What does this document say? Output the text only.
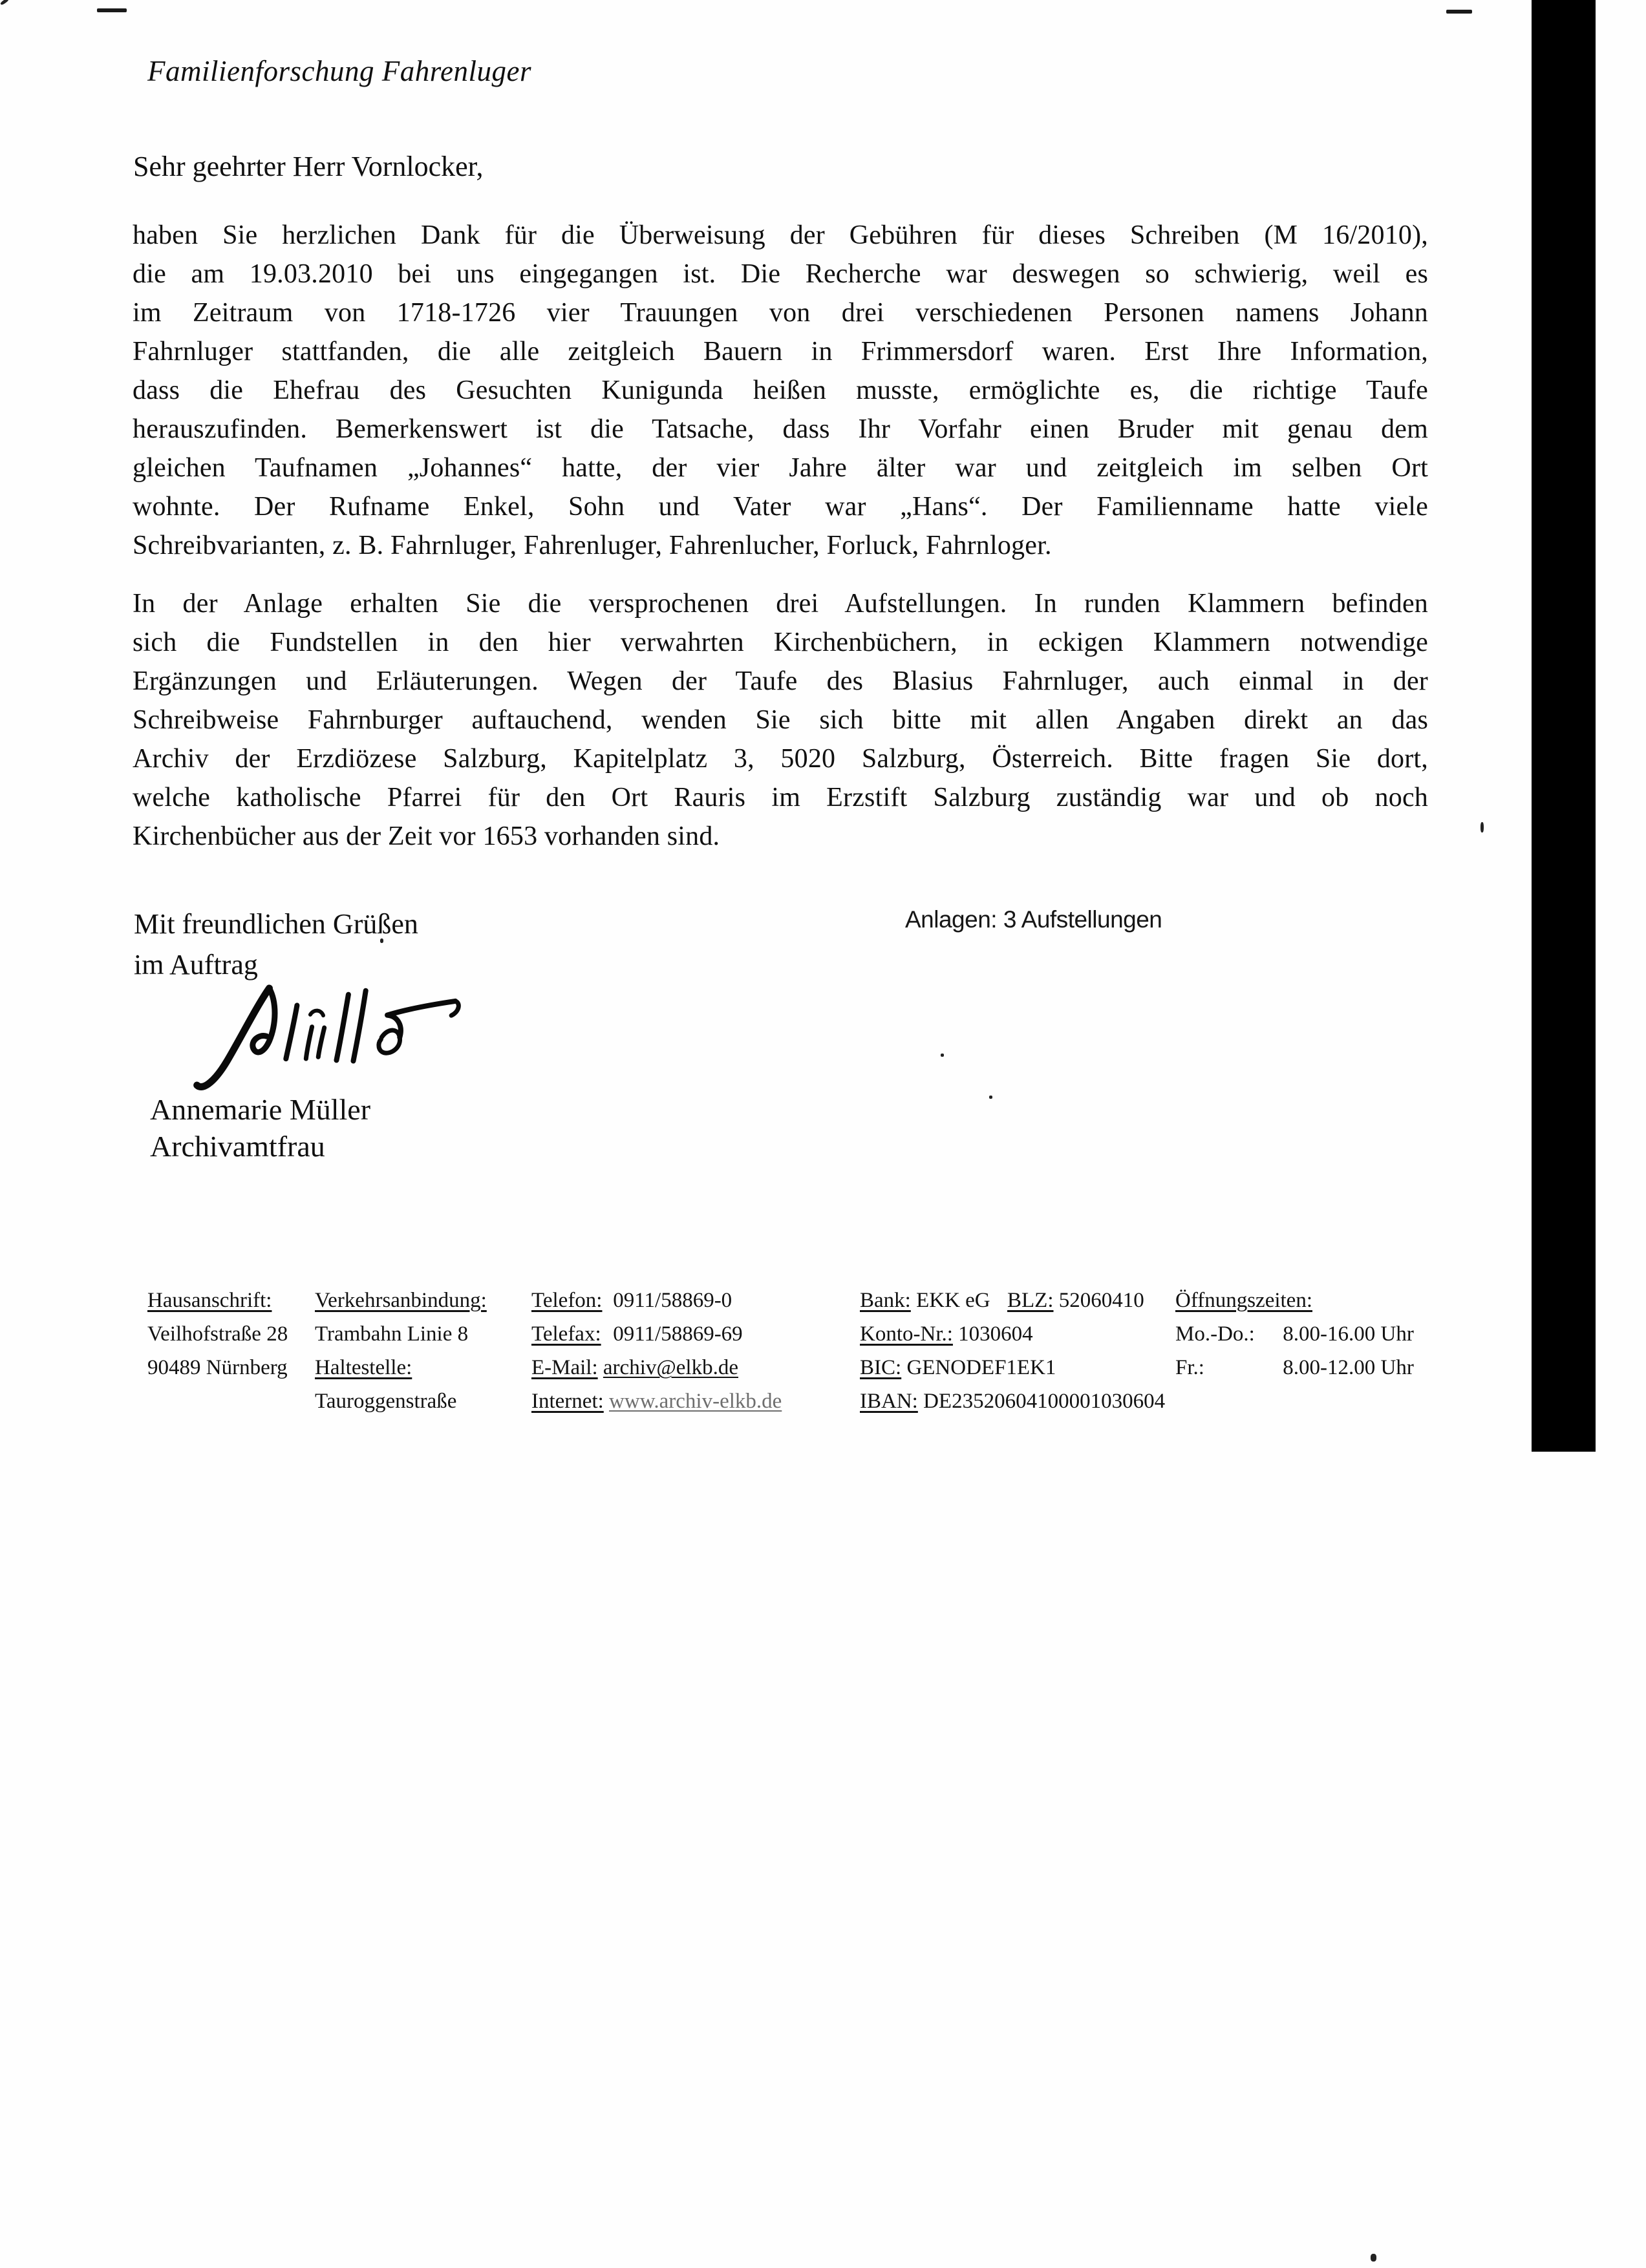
Familienforschung Fahrenluger
Sehr geehrter Herr Vornlocker,
haben Sie herzlichen Dank für die Überweisung der Gebühren für dieses Schreiben (M 16/2010),
die am 19.03.2010 bei uns eingegangen ist. Die Recherche war deswegen so schwierig, weil es
im Zeitraum von 1718-1726 vier Trauungen von drei verschiedenen Personen namens Johann
Fahrnluger stattfanden, die alle zeitgleich Bauern in Frimmersdorf waren. Erst Ihre Information,
dass die Ehefrau des Gesuchten Kunigunda heißen musste, ermöglichte es, die richtige Taufe
herauszufinden. Bemerkenswert ist die Tatsache, dass Ihr Vorfahr einen Bruder mit genau dem
gleichen Taufnamen „Johannes“ hatte, der vier Jahre älter war und zeitgleich im selben Ort
wohnte. Der Rufname Enkel, Sohn und Vater war „Hans“. Der Familienname hatte viele
Schreibvarianten, z. B. Fahrnluger, Fahrenluger, Fahrenlucher, Forluck, Fahrnloger.
In der Anlage erhalten Sie die versprochenen drei Aufstellungen. In runden Klammern befinden
sich die Fundstellen in den hier verwahrten Kirchenbüchern, in eckigen Klammern notwendige
Ergänzungen und Erläuterungen. Wegen der Taufe des Blasius Fahrnluger, auch einmal in der
Schreibweise Fahrnburger auftauchend, wenden Sie sich bitte mit allen Angaben direkt an das
Archiv der Erzdiözese Salzburg, Kapitelplatz 3, 5020 Salzburg, Österreich. Bitte fragen Sie dort,
welche katholische Pfarrei für den Ort Rauris im Erzstift Salzburg zuständig war und ob noch
Kirchenbücher aus der Zeit vor 1653 vorhanden sind.
Mit freundlichen Grüßen
im Auftrag
Anlagen: 3 Aufstellungen
Annemarie Müller
Archivamtfrau
Hausanschrift:
Veilhofstraße 28
90489 Nürnberg
Verkehrsanbindung:
Trambahn Linie 8
Haltestelle:
Tauroggenstraße
Telefon: 0911/58869-0
Telefax: 0911/58869-69
E-Mail: archiv@elkb.de
Internet: www.archiv-elkb.de
Bank: EKK eG BLZ: 52060410
Konto-Nr.: 1030604
BIC: GENODEF1EK1
IBAN: DE23520604100001030604
Öffnungszeiten:
Mo.-Do.: 8.00-16.00 Uhr
Fr.:	8.00-12.00 Uhr
